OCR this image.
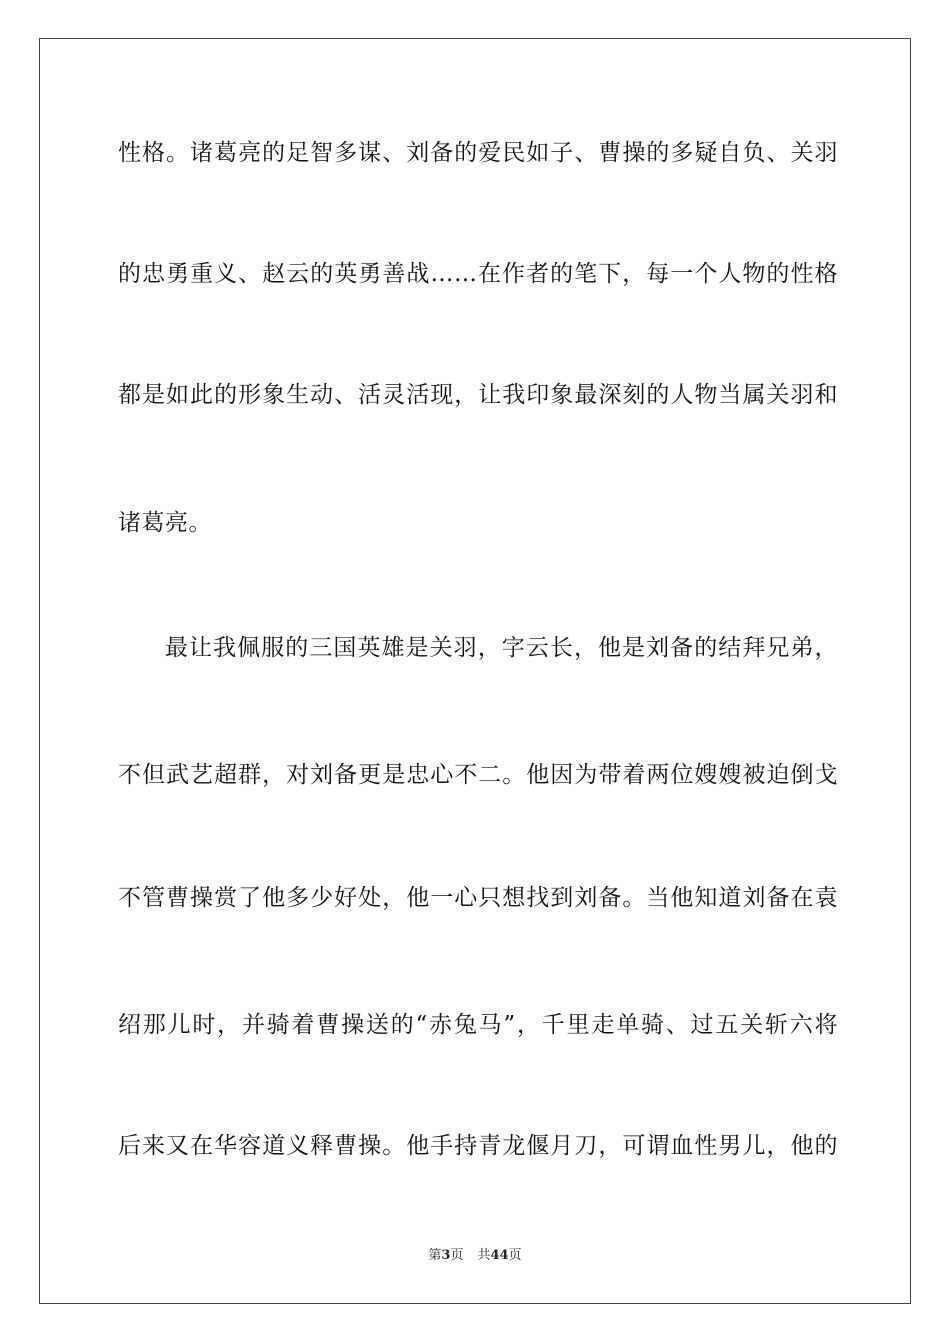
性格。诸葛亮的足智多谋、刘备的爱民如子、曹操的多疑自负、关羽
的忠勇重义、赵云的英勇善战……在作者的笔下，每一个人物的性格
都是如此的形象生动、活灵活现，让我印象最深刻的人物当属关羽和
诸葛亮。
最让我佩服的三国英雄是关羽，字云长，他是刘备的结拜兄弟，
不但武艺超群，对刘备更是忠心不二。他因为带着两位嫂嫂被迫倒戈
不管曹操赏了他多少好处，他一心只想找到刘备。当他知道刘备在袁
绍那儿时，并骑着曹操送的“赤兔马”，千里走单骑、过五关斩六将
后来又在华容道义释曹操。他手持青龙偃月刀，可谓血性男儿，他的
第3页 共44页
